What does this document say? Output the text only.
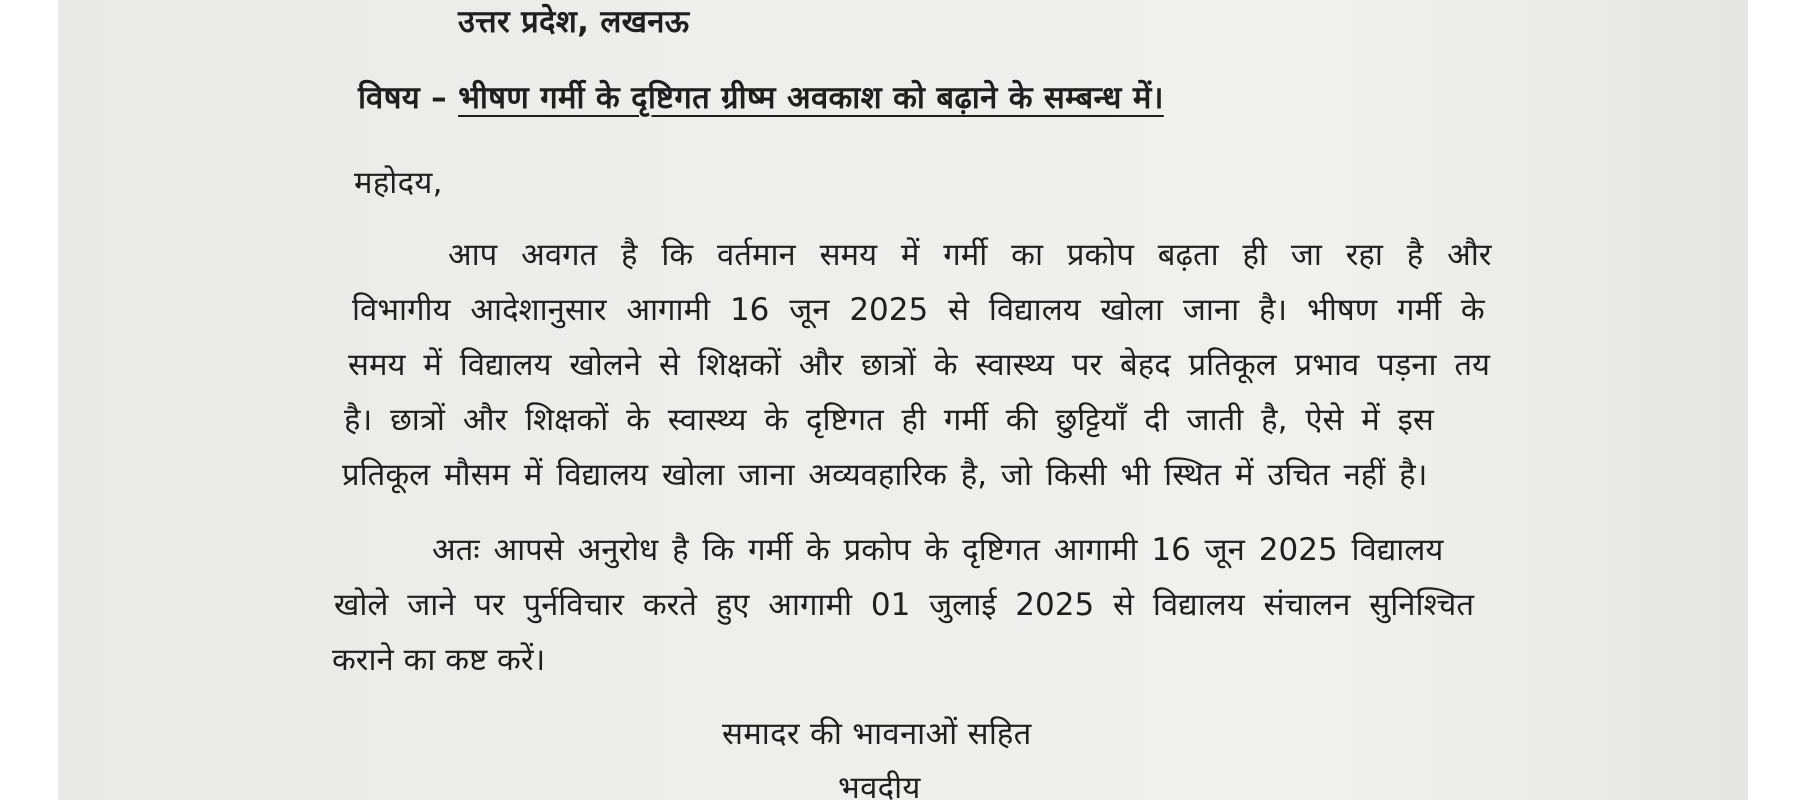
उत्तर प्रदेश, लखनऊ
विषय – भीषण गर्मी के दृष्टिगत ग्रीष्म अवकाश को बढ़ाने के सम्बन्ध में।
महोदय,
आप अवगत है कि वर्तमान समय में गर्मी का प्रकोप बढ़ता ही जा रहा है और
विभागीय आदेशानुसार आगामी 16 जून 2025 से विद्यालय खोला जाना है। भीषण गर्मी के
समय में विद्यालय खोलने से शिक्षकों और छात्रों के स्वास्थ्य पर बेहद प्रतिकूल प्रभाव पड़ना तय
है। छात्रों और शिक्षकों के स्वास्थ्य के दृष्टिगत ही गर्मी की छुट्टियाँ दी जाती है, ऐसे में इस
प्रतिकूल मौसम में विद्यालय खोला जाना अव्यवहारिक है, जो किसी भी स्थित में उचित नहीं है।
अतः आपसे अनुरोध है कि गर्मी के प्रकोप के दृष्टिगत आगामी 16 जून 2025 विद्यालय
खोले जाने पर पुर्नविचार करते हुए आगामी 01 जुलाई 2025 से विद्यालय संचालन सुनिश्चित
कराने का कष्ट करें।
समादर की भावनाओं सहित
भवदीय
